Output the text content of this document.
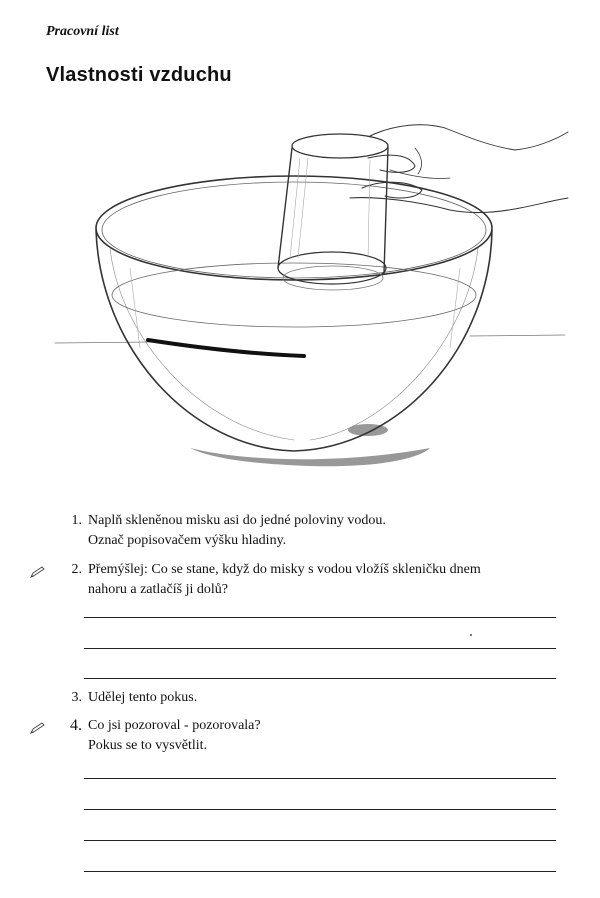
Pracovní list
Vlastnosti vzduchu
1. Naplň skleněnou misku asi do jedné poloviny vodou.
Označ popisovačem výšku hladiny.
2. Přemýšlej: Co se stane, když do misky s vodou vložíš skleničku dnem
nahoru a zatlačíš ji dolů?
3. Udělej tento pokus.
4. Co jsi pozoroval - pozorovala?
Pokus se to vysvětlit.
